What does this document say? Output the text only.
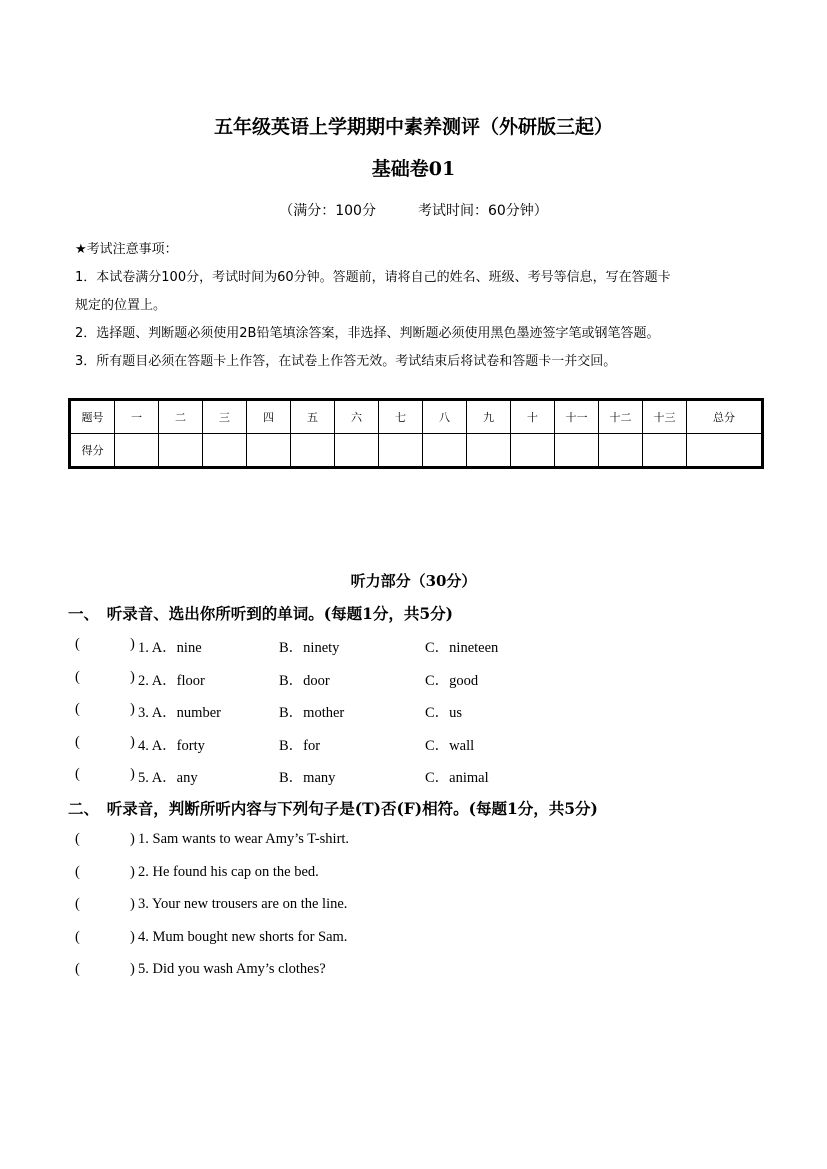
五年级英语上学期期中素养测评（外研版三起）
基础卷01
（满分：100分　　　考试时间：60分钟）
★考试注意事项：
1．本试卷满分100分，考试时间为60分钟。答题前，请将自己的姓名、班级、考号等信息，写在答题卡
规定的位置上。
2．选择题、判断题必须使用2B铅笔填涂答案，非选择、判断题必须使用黑色墨迹签字笔或钢笔答题。
3．所有题目必须在答题卡上作答，在试卷上作答无效。考试结束后将试卷和答题卡一并交回。
题号	一	二	三	四	五	六	七	八	九	十	十一	十二	十三	总分
得分														
听力部分（30分）
一、　听录音、选出你所听到的单词。(每题1分，共5分)
二、　听录音，判断所听内容与下列句子是(T)否(F)相符。(每题1分，共5分)
(	) 1. A．nine	B．ninety	C．nineteen
(	) 2. A．floor	B．door	C．good
(	) 3. A．number	B．mother	C．us
(	) 4. A．forty	B．for	C．wall
(	) 5. A．any	B．many	C．animal
(	) 1. Sam wants to wear Amy’s T-shirt.
(	) 2. He found his cap on the bed.
(	) 3. Your new trousers are on the line.
(	) 4. Mum bought new shorts for Sam.
(	) 5. Did you wash Amy’s clothes?
